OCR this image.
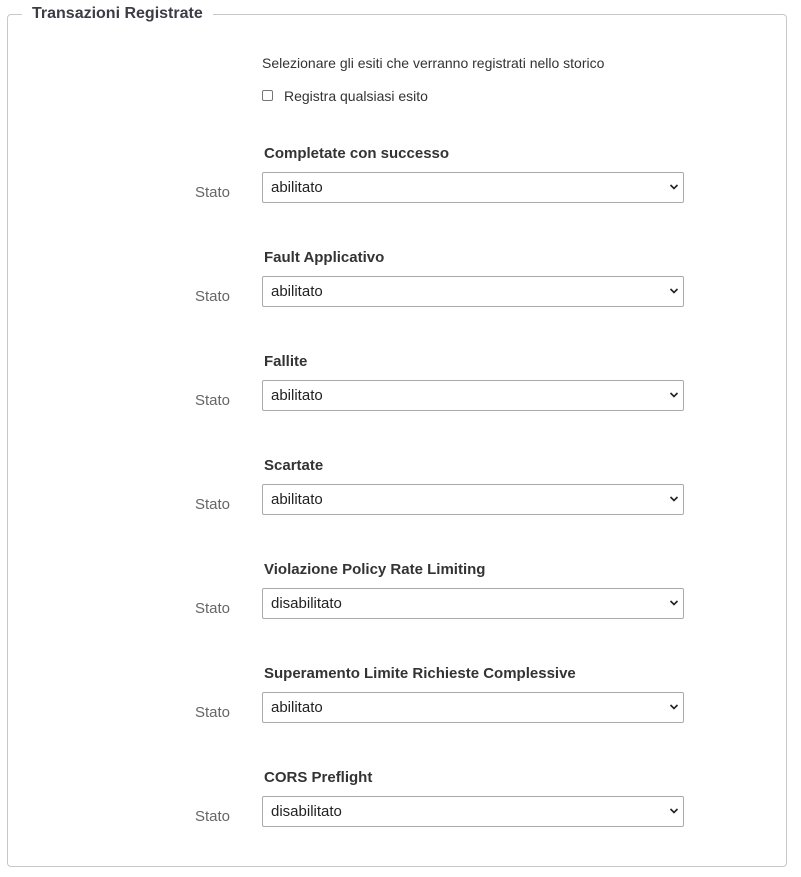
Transazioni Registrate
Selezionare gli esiti che verranno registrati nello storico
Registra qualsiasi esito
Completate con successo
Stato	abilitato
Fault Applicativo
Stato	abilitato
Fallite
Stato	abilitato
Scartate
Stato	abilitato
Violazione Policy Rate Limiting
Stato	disabilitato
Superamento Limite Richieste Complessive
Stato	abilitato
CORS Preflight
Stato	disabilitato
